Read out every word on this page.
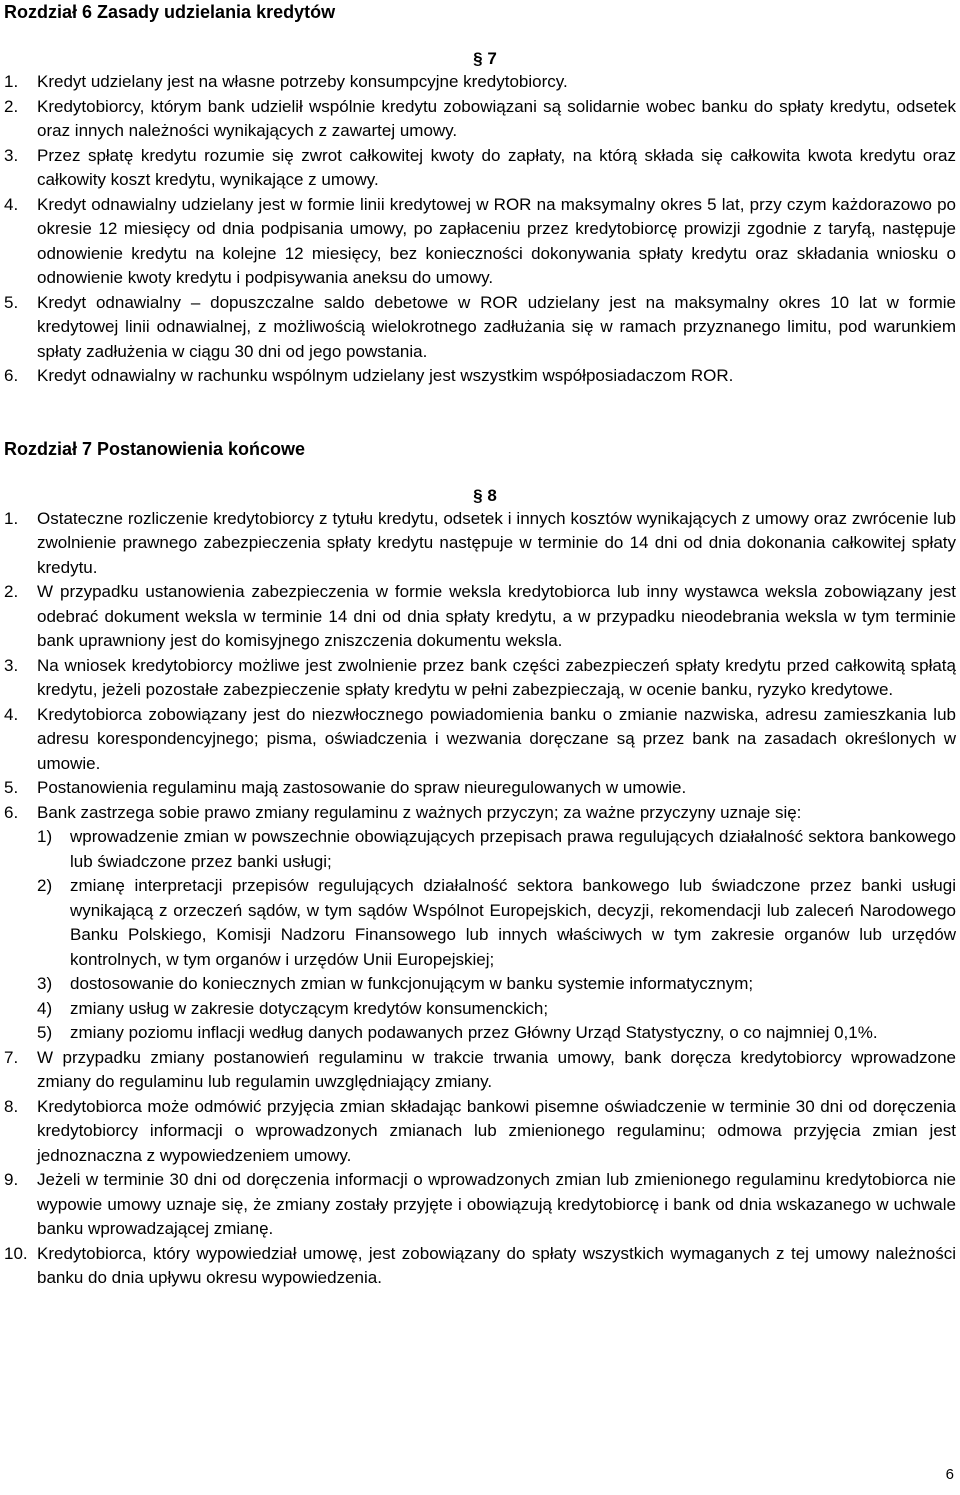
Rozdział 6 Zasady udzielania kredytów
§ 7
1. Kredyt udzielany jest na własne potrzeby konsumpcyjne kredytobiorcy.
2. Kredytobiorcy, którym bank udzielił wspólnie kredytu zobowiązani są solidarnie wobec banku do spłaty kredytu, odsetek oraz innych należności wynikających z zawartej umowy.
3. Przez spłatę kredytu rozumie się zwrot całkowitej kwoty do zapłaty, na którą składa się całkowita kwota kredytu oraz całkowity koszt kredytu, wynikające z umowy.
4. Kredyt odnawialny udzielany jest w formie linii kredytowej w ROR na maksymalny okres 5 lat, przy czym każdorazowo po okresie 12 miesięcy od dnia podpisania umowy, po zapłaceniu przez kredytobiorcę prowizji zgodnie z taryfą, następuje odnowienie kredytu na kolejne 12 miesięcy, bez konieczności dokonywania spłaty kredytu oraz składania wniosku o odnowienie kwoty kredytu i podpisywania aneksu do umowy.
5. Kredyt odnawialny – dopuszczalne saldo debetowe w ROR udzielany jest na maksymalny okres 10 lat w formie kredytowej linii odnawialnej, z możliwością wielokrotnego zadłużania się w ramach przyznanego limitu, pod warunkiem spłaty zadłużenia w ciągu 30 dni od jego powstania.
6. Kredyt odnawialny w rachunku wspólnym udzielany jest wszystkim współposiadaczom ROR.
Rozdział 7 Postanowienia końcowe
§ 8
1. Ostateczne rozliczenie kredytobiorcy z tytułu kredytu, odsetek i innych kosztów wynikających z umowy oraz zwrócenie lub zwolnienie prawnego zabezpieczenia spłaty kredytu następuje w terminie do 14 dni od dnia dokonania całkowitej spłaty kredytu.
2. W przypadku ustanowienia zabezpieczenia w formie weksla kredytobiorca lub inny wystawca weksla zobowiązany jest odebrać dokument weksla w terminie 14 dni od dnia spłaty kredytu, a w przypadku nieodebrania weksla w tym terminie bank uprawniony jest do komisyjnego zniszczenia dokumentu weksla.
3. Na wniosek kredytobiorcy możliwe jest zwolnienie przez bank części zabezpieczeń spłaty kredytu przed całkowitą spłatą kredytu, jeżeli pozostałe zabezpieczenie spłaty kredytu w pełni zabezpieczają, w ocenie banku, ryzyko kredytowe.
4. Kredytobiorca zobowiązany jest do niezwłocznego powiadomienia banku o zmianie nazwiska, adresu zamieszkania lub adresu korespondencyjnego; pisma, oświadczenia i wezwania doręczane są przez bank na zasadach określonych w umowie.
5. Postanowienia regulaminu mają zastosowanie do spraw nieuregulowanych w umowie.
6. Bank zastrzega sobie prawo zmiany regulaminu z ważnych przyczyn; za ważne przyczyny uznaje się:
1) wprowadzenie zmian w powszechnie obowiązujących przepisach prawa regulujących działalność sektora bankowego lub świadczone przez banki usługi;
2) zmianę interpretacji przepisów regulujących działalność sektora bankowego lub świadczone przez banki usługi wynikającą z orzeczeń sądów, w tym sądów Wspólnot Europejskich, decyzji, rekomendacji lub zaleceń Narodowego Banku Polskiego, Komisji Nadzoru Finansowego lub innych właściwych w tym zakresie organów lub urzędów kontrolnych, w tym organów i urzędów Unii Europejskiej;
3) dostosowanie do koniecznych zmian w funkcjonującym w banku systemie informatycznym;
4) zmiany usług w zakresie dotyczącym kredytów konsumenckich;
5) zmiany poziomu inflacji według danych podawanych przez Główny Urząd Statystyczny, o co najmniej 0,1%.
7. W przypadku zmiany postanowień regulaminu w trakcie trwania umowy, bank doręcza kredytobiorcy wprowadzone zmiany do regulaminu lub regulamin uwzględniający zmiany.
8. Kredytobiorca może odmówić przyjęcia zmian składając bankowi pisemne oświadczenie w terminie 30 dni od doręczenia kredytobiorcy informacji o wprowadzonych zmianach lub zmienionego regulaminu; odmowa przyjęcia zmian jest jednoznaczna z wypowiedzeniem umowy.
9. Jeżeli w terminie 30 dni od doręczenia informacji o wprowadzonych zmian lub zmienionego regulaminu kredytobiorca nie wypowie umowy uznaje się, że zmiany zostały przyjęte i obowiązują kredytobiorcę i bank od dnia wskazanego w uchwale banku wprowadzającej zmianę.
10. Kredytobiorca, który wypowiedział umowę, jest zobowiązany do spłaty wszystkich wymaganych z tej umowy należności banku do dnia upływu okresu wypowiedzenia.
6
